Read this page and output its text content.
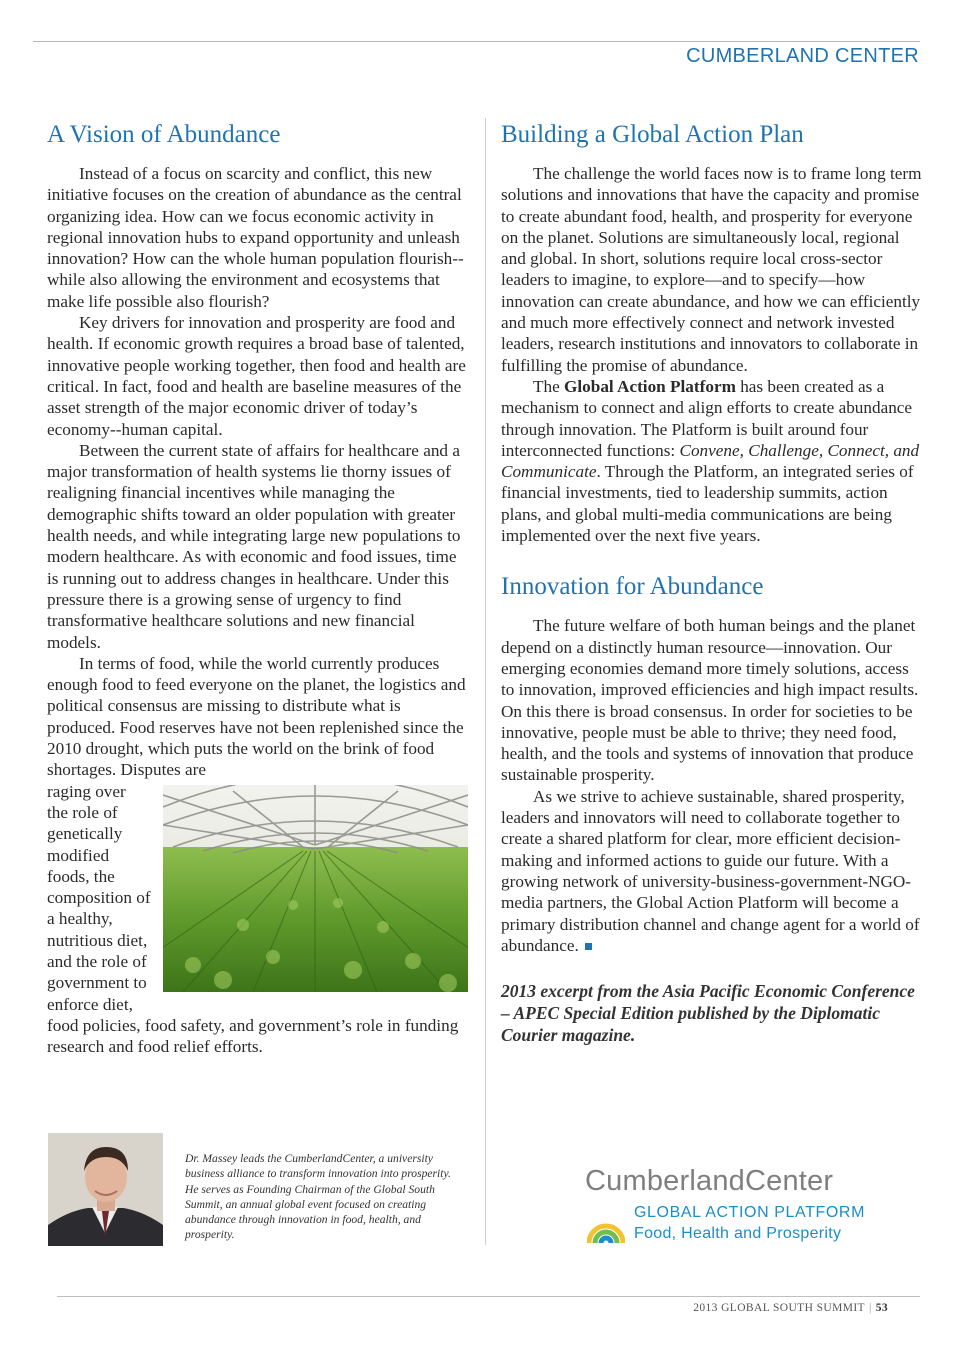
CUMBERLAND CENTER
A Vision of Abundance

Instead of a focus on scarcity and conflict, this new initiative focuses on the creation of abundance as the central organizing idea. How can we focus economic activity in regional innovation hubs to expand opportunity and unleash innovation? How can the whole human population flourish--while also allowing the environment and ecosystems that make life possible also flourish?

Key drivers for innovation and prosperity are food and health. If economic growth requires a broad base of talented, innovative people working together, then food and health are critical. In fact, food and health are baseline measures of the asset strength of the major economic driver of today’s economy--human capital.

Between the current state of affairs for healthcare and a major transformation of health systems lie thorny issues of realigning financial incentives while managing the demographic shifts toward an older population with greater health needs, and while integrating large new populations to modern healthcare. As with economic and food issues, time is running out to address changes in healthcare. Under this pressure there is a growing sense of urgency to find transformative healthcare solutions and new financial models.

In terms of food, while the world currently produces enough food to feed everyone on the planet, the logistics and political consensus are missing to distribute what is produced. Food reserves have not been replenished since the 2010 drought, which puts the world on the brink of food shortages. Disputes are

raging over the role of genetically modified foods, the composition of a healthy, nutritious diet, and the role of government to enforce diet, food policies, food safety, and government’s role in funding research and food relief efforts.

Building a Global Action Plan

The challenge the world faces now is to frame long term solutions and innovations that have the capacity and promise to create abundant food, health, and prosperity for everyone on the planet. Solutions are simultaneously local, regional and global. In short, solutions require local cross-sector leaders to imagine, to explore—and to specify—how innovation can create abundance, and how we can efficiently and much more effectively connect and network invested leaders, research institutions and innovators to collaborate in fulfilling the promise of abundance.

The Global Action Platform has been created as a mechanism to connect and align efforts to create abundance through innovation. The Platform is built around four interconnected functions: Convene, Challenge, Connect, and Communicate. Through the Platform, an integrated series of financial investments, tied to leadership summits, action plans, and global multi-media communications are being implemented over the next five years.

Innovation for Abundance

The future welfare of both human beings and the planet depend on a distinctly human resource—innovation. Our emerging economies demand more timely solutions, access to innovation, improved efficiencies and high impact results. On this there is broad consensus. In order for societies to be innovative, people must be able to thrive; they need food, health, and the tools and systems of innovation that produce sustainable prosperity.

As we strive to achieve sustainable, shared prosperity, leaders and innovators will need to collaborate together to create a shared platform for clear, more efficient decision-making and informed actions to guide our future. With a growing network of university-business-government-NGO-media partners, the Global Action Platform will become a primary distribution channel and change agent for a world of abundance.

2013 excerpt from the Asia Pacific Economic Conference – APEC Special Edition published by the Diplomatic Courier magazine.

Dr. Massey leads the CumberlandCenter, a university business alliance to transform innovation into prosperity. He serves as Founding Chairman of the Global South Summit, an annual global event focused on creating abundance through innovation in food, health, and prosperity.

CumberlandCenter
GLOBAL ACTION PLATFORM
Food, Health and Prosperity
2013 GLOBAL SOUTH SUMMIT | 53
